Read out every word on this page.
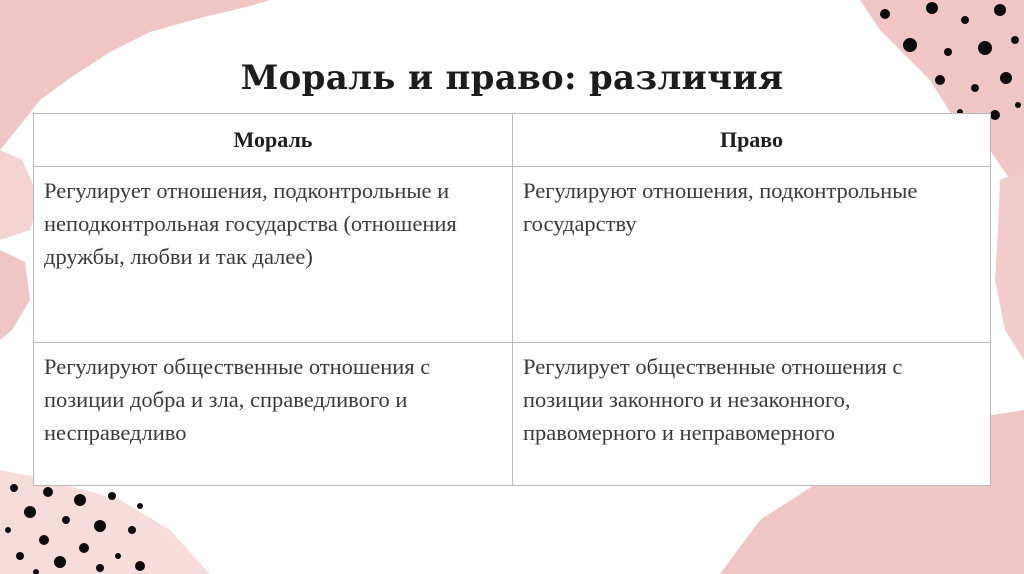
Мораль и право: различия
Мораль	Право
Регулирует отношения, подконтрольные и неподконтрольная государства (отношения дружбы, любви и так далее)	Регулируют отношения, подконтрольные государству
Регулируют общественные отношения с позиции добра и зла, справедливого и несправедливо	Регулирует общественные отношения с позиции законного и незаконного, правомерного и неправомерного
